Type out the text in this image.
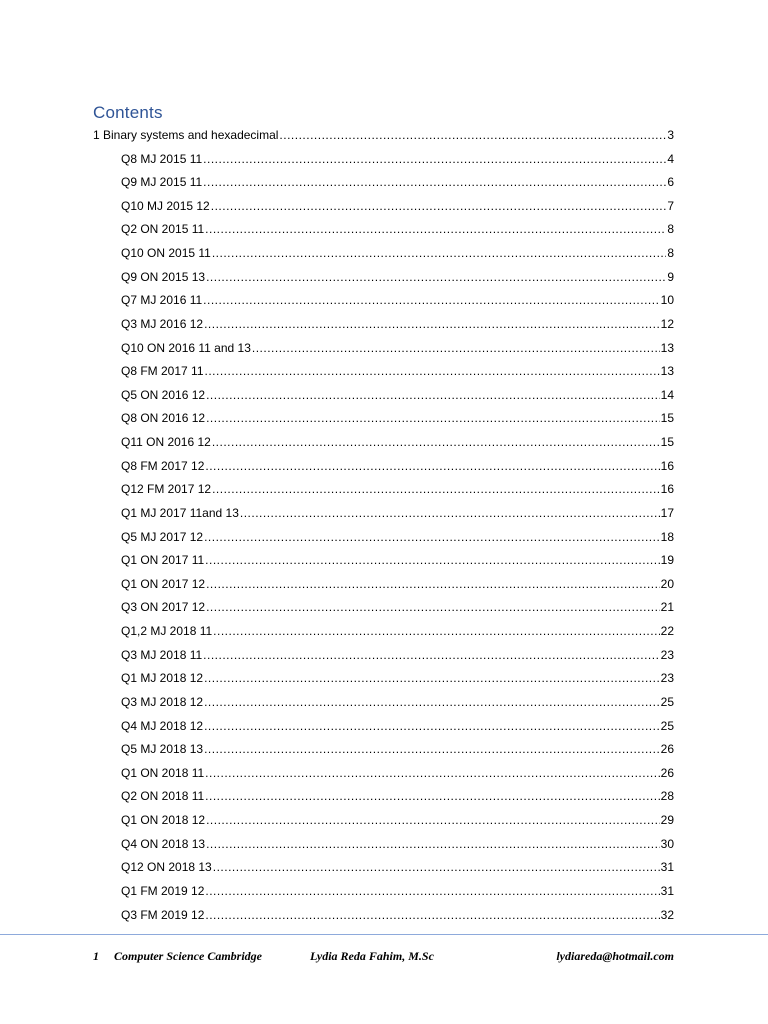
Contents
1 Binary systems and hexadecimal .....	3
Q8 MJ 2015 11 .....	4
Q9 MJ 2015 11 .....	6
Q10 MJ 2015 12 .....	7
Q2 ON 2015 11 .....	8
Q10 ON 2015 11 .....	8
Q9 ON 2015 13 .....	9
Q7 MJ 2016 11 .....	10
Q3 MJ 2016 12 .....	12
Q10 ON 2016 11 and 13 .....	13
Q8 FM 2017 11 .....	13
Q5 ON 2016 12 .....	14
Q8 ON 2016 12 .....	15
Q11 ON 2016 12 .....	15
Q8 FM 2017 12 .....	16
Q12 FM 2017 12 .....	16
Q1 MJ 2017 11and 13 .....	17
Q5 MJ 2017 12 .....	18
Q1 ON 2017 11 .....	19
Q1 ON 2017 12 .....	20
Q3 ON 2017 12 .....	21
Q1,2 MJ 2018 11 .....	22
Q3 MJ 2018 11 .....	23
Q1 MJ 2018 12 .....	23
Q3 MJ 2018 12 .....	25
Q4 MJ 2018 12 .....	25
Q5 MJ 2018 13 .....	26
Q1 ON 2018 11 .....	26
Q2 ON 2018 11 .....	28
Q1 ON 2018 12 .....	29
Q4 ON 2018 13 .....	30
Q12 ON 2018 13 .....	31
Q1 FM 2019 12 .....	31
Q3 FM 2019 12 .....	32
1 Computer Science Cambridge	Lydia Reda Fahim, M.Sc	lydiareda@hotmail.com
